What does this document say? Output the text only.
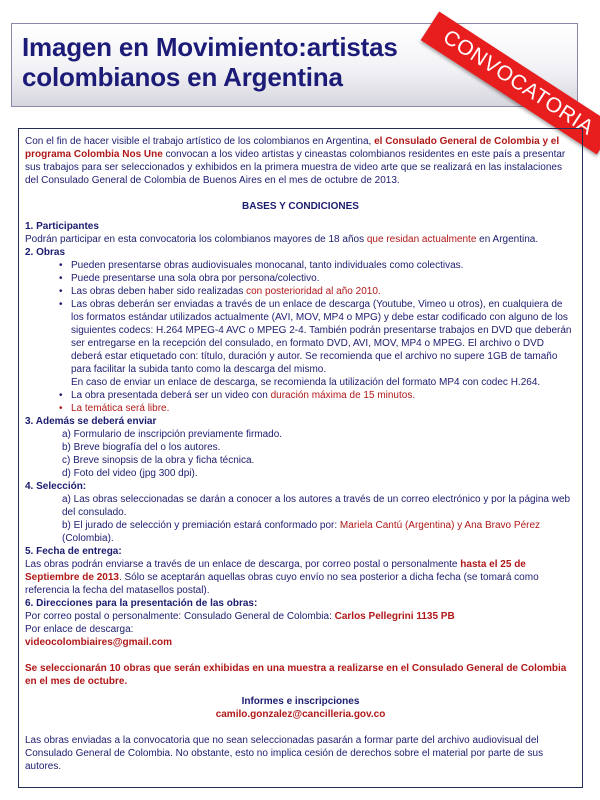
Imagen en Movimiento:artistas
colombianos en Argentina	CONVOCATORIA

Con el fin de hacer visible el trabajo artístico de los colombianos en Argentina, el Consulado General de Colombia y el programa Colombia Nos Une convocan a los video artistas y cineastas colombianos residentes en este país a presentar sus trabajos para ser seleccionados y exhibidos en la primera muestra de video arte que se realizará en las instalaciones del Consulado General de Colombia de Buenos Aires en el mes de octubre de 2013.

BASES Y CONDICIONES

1. Participantes

Podrán participar en esta convocatoria los colombianos mayores de 18 años que residan actualmente en Argentina.

2. Obras

• Pueden presentarse obras audiovisuales monocanal, tanto individuales como colectivas.
• Puede presentarse una sola obra por persona/colectivo.
• Las obras deben haber sido realizadas con posterioridad al año 2010.
• Las obras deberán ser enviadas a través de un enlace de descarga (Youtube, Vimeo u otros), en cualquiera de los formatos estándar utilizados actualmente (AVI, MOV, MP4 o MPG) y debe estar codificado con alguno de los siguientes codecs: H.264 MPEG-4 AVC o MPEG 2-4. También podrán presentarse trabajos en DVD que deberán ser entregarse en la recepción del consulado, en formato DVD, AVI, MOV, MP4 o MPEG. El archivo o DVD deberá estar etiquetado con: título, duración y autor. Se recomienda que el archivo no supere 1GB de tamaño para facilitar la subida tanto como la descarga del mismo.

En caso de enviar un enlace de descarga, se recomienda la utilización del formato MP4 con codec H.264.

• La obra presentada deberá ser un video con duración máxima de 15 minutos.
• La temática será libre.

3. Además se deberá enviar

a) Formulario de inscripción previamente firmado.

b) Breve biografía del o los autores.

c) Breve sinopsis de la obra y ficha técnica.

d) Foto del video (jpg 300 dpi).

4. Selección:

a) Las obras seleccionadas se darán a conocer a los autores a través de un correo electrónico y por la página web del consulado.

b) El jurado de selección y premiación estará conformado por: Mariela Cantú (Argentina) y Ana Bravo Pérez (Colombia).

5. Fecha de entrega:

Las obras podrán enviarse a través de un enlace de descarga, por correo postal o personalmente hasta el 25 de Septiembre de 2013. Sólo se aceptarán aquellas obras cuyo envío no sea posterior a dicha fecha (se tomará como referencia la fecha del matasellos postal).

6. Direcciones para la presentación de las obras:

Por correo postal o personalmente: Consulado General de Colombia: Carlos Pellegrini 1135 PB

Por enlace de descarga:

videocolombiaires@gmail.com

Se seleccionarán 10 obras que serán exhibidas en una muestra a realizarse en el Consulado General de Colombia en el mes de octubre.

Informes e inscripciones

camilo.gonzalez@cancilleria.gov.co

Las obras enviadas a la convocatoria que no sean seleccionadas pasarán a formar parte del archivo audiovisual del Consulado General de Colombia. No obstante, esto no implica cesión de derechos sobre el material por parte de sus autores.
